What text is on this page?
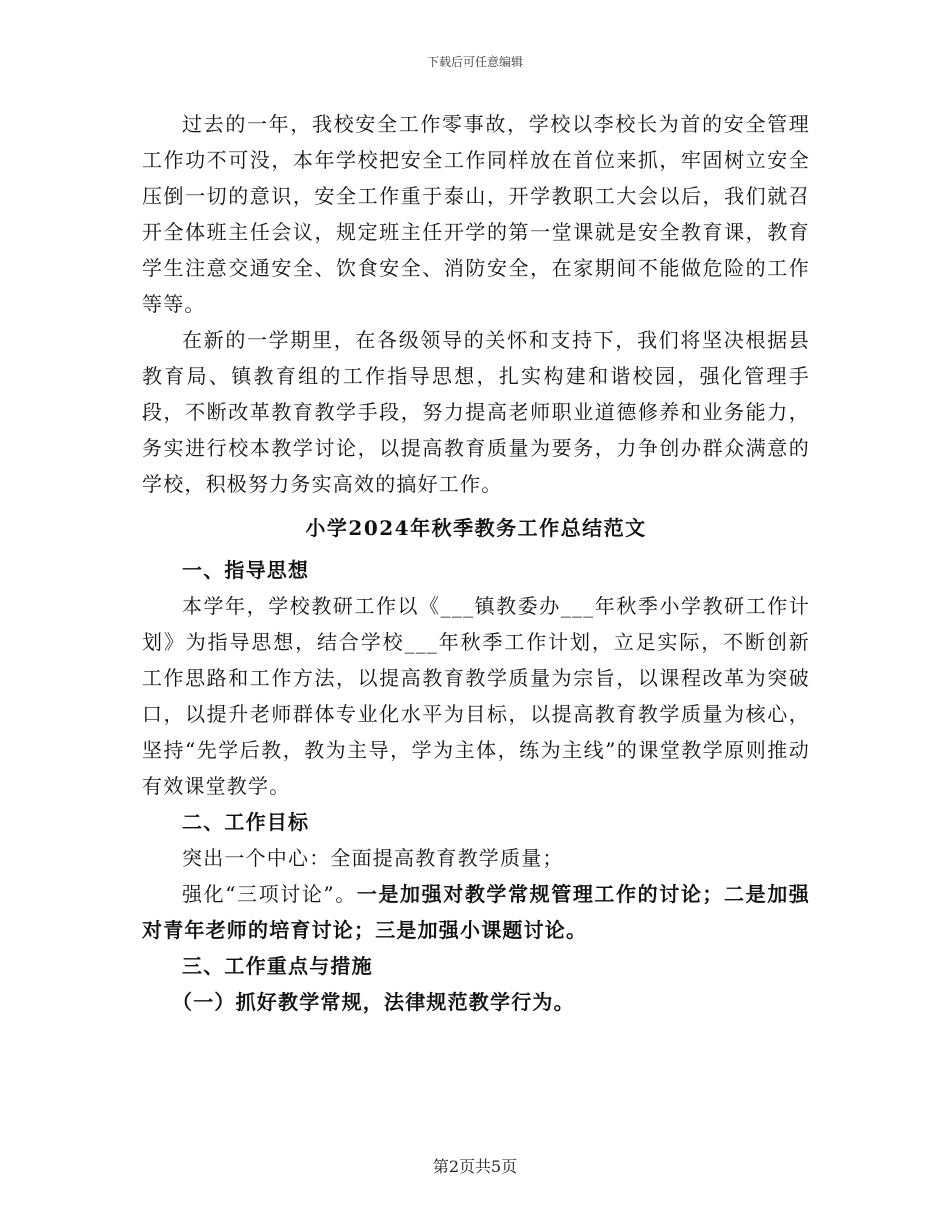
下载后可任意编辑

过去的一年，我校安全工作零事故，学校以李校长为首的安全管理工作功不可没，本年学校把安全工作同样放在首位来抓，牢固树立安全压倒一切的意识，安全工作重于泰山，开学教职工大会以后，我们就召开全体班主任会议，规定班主任开学的第一堂课就是安全教育课，教育学生注意交通安全、饮食安全、消防安全，在家期间不能做危险的工作等等。

在新的一学期里，在各级领导的关怀和支持下，我们将坚决根据县教育局、镇教育组的工作指导思想，扎实构建和谐校园，强化管理手段，不断改革教育教学手段，努力提高老师职业道德修养和业务能力，务实进行校本教学讨论，以提高教育质量为要务，力争创办群众满意的学校，积极努力务实高效的搞好工作。

小学2024年秋季教务工作总结范文

一、指导思想

本学年，学校教研工作以《___镇教委办___年秋季小学教研工作计划》为指导思想，结合学校___年秋季工作计划，立足实际，不断创新工作思路和工作方法，以提高教育教学质量为宗旨，以课程改革为突破口，以提升老师群体专业化水平为目标，以提高教育教学质量为核心，坚持“先学后教，教为主导，学为主体，练为主线”的课堂教学原则推动有效课堂教学。

二、工作目标

突出一个中心：全面提高教育教学质量；

强化“三项讨论”。一是加强对教学常规管理工作的讨论；二是加强对青年老师的培育讨论；三是加强小课题讨论。

三、工作重点与措施

（一）抓好教学常规，法律规范教学行为。

第2页共5页
